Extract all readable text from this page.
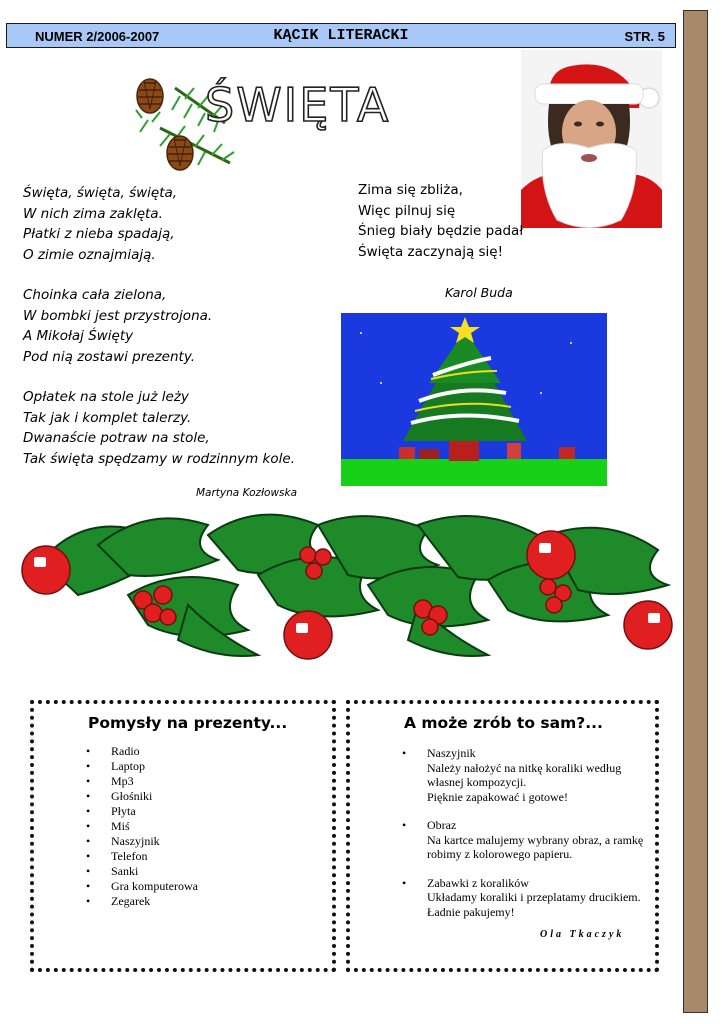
NUMER 2/2006-2007	KĄCIK LITERACKI	STR. 5
ŚWIĘTA
Święta, święta, święta,
W nich zima zaklęta.
Płatki z nieba spadają,
O zimie oznajmiają.
Choinka cała zielona,
W bombki jest przystrojona.
A Mikołaj Święty
Pod nią zostawi prezenty.
Opłatek na stole już leży
Tak jak i komplet talerzy.
Dwanaście potraw na stole,
Tak święta spędzamy w rodzinnym kole.
Martyna Kozłowska
Zima się zbliża,
Więc pilnuj się
Śnieg biały będzie padał
Święta zaczynają się!
Karol Buda
Pomysły na prezenty...
• Radio
• Laptop
• Mp3
• Głośniki
• Płyta
• Miś
• Naszyjnik
• Telefon
• Sanki
• Gra komputerowa
• Zegarek
A może zrób to sam?...
• Naszyjnik
Należy nałożyć na nitkę koraliki według
własnej kompozycji.
Pięknie zapakować i gotowe!
• Obraz
Na kartce malujemy wybrany obraz, a ramkę
robimy z kolorowego papieru.
• Zabawki z koralików
Układamy koraliki i przeplatamy drucikiem.
Ładnie pakujemy!
Ola Tkaczyk
